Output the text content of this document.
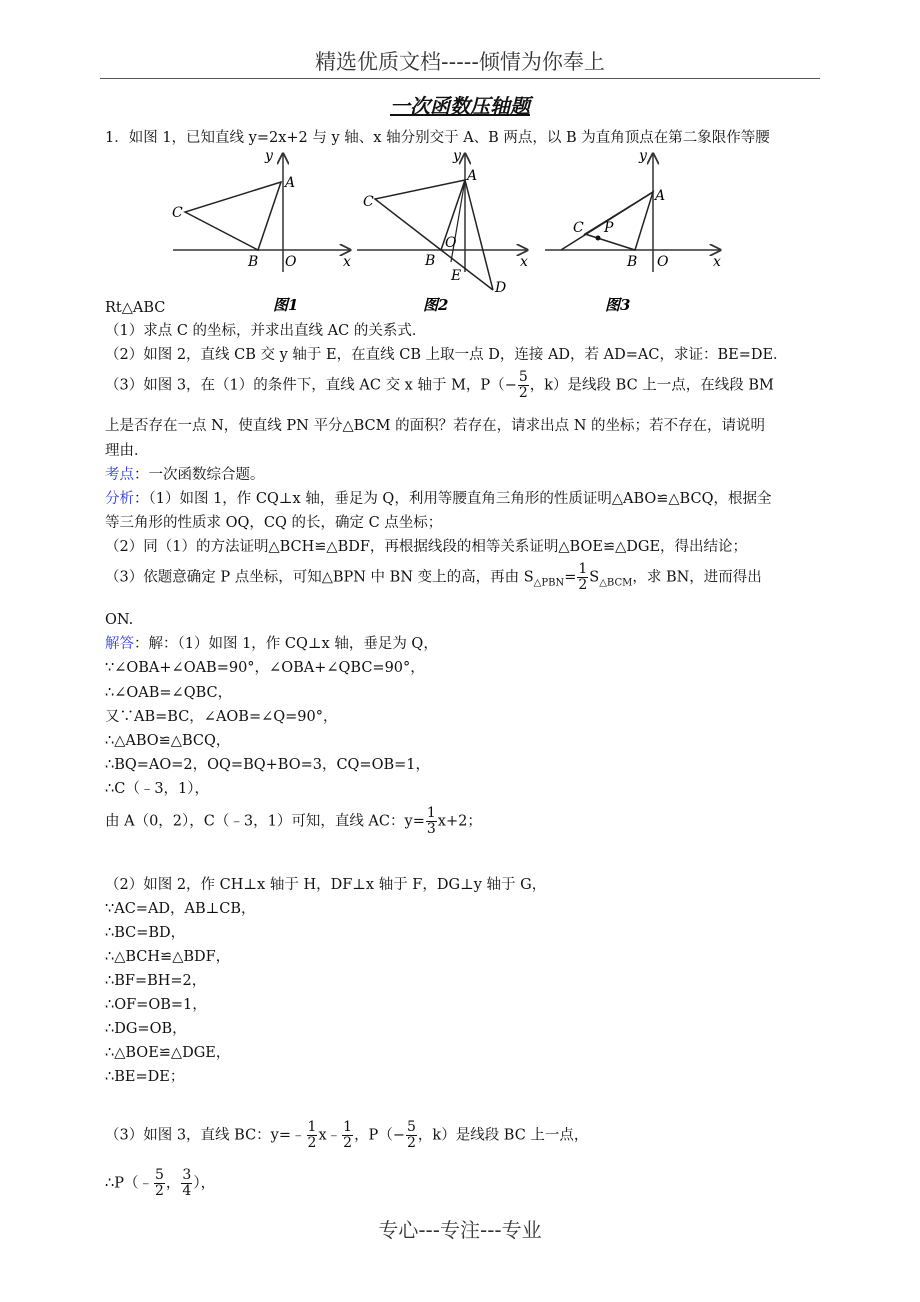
精选优质文档-----倾情为你奉上
一次函数压轴题
1．如图 1，已知直线 y=2x+2 与 y 轴、x 轴分别交于 A、B 两点，以 B 为直角顶点在第二象限作等腰
x
y
C
A
B O
图1
x
y
C
A
B
O
E
D
图2
x
y
C P
A
B O
图3
Rt△ABC
（1）求点 C 的坐标，并求出直线 AC 的关系式．
（2）如图 2，直线 CB 交 y 轴于 E，在直线 CB 上取一点 D，连接 AD，若 AD=AC，求证：BE=DE．
（3）如图 3，在（1）的条件下，直线 AC 交 x 轴于 M，$P(- \frac{5}{2}$ ，k）是线段 BC 上一点，在线段 BM
上是否存在一点 N，使直线 PN 平分△BCM 的面积？若存在，请求出点 N 的坐标；若不存在，请说明
理由．
考点：一次函数综合题。
分析：（1）如图 1，作 CQ⊥x 轴，垂足为 Q，利用等腰直角三角形的性质证明△ABO≌△BCQ，根据全
等三角形的性质求 OQ，CQ 的长，确定 C 点坐标；
（2）同（1）的方法证明△BCH≌△BDF，再根据线段的相等关系证明△BOE≌△DGE，得出结论；
（3）依题意确定 P 点坐标，可知△BPN 中 BN 变上的高，再由 $S_{\triangle PBN}= \frac{1}{2} S_{\triangle BCM}$，求 BN，进而得出
ON.
解答：解：（1）如图 1，作 CQ⊥x 轴，垂足为 Q，
∵∠OBA+∠OAB=90°，∠OBA+∠QBC=90°，
∴∠OAB=∠QBC，
又∵AB=BC，∠AOB=∠Q=90°，
∴△ABO≌△BCQ，
∴BQ=AO=2，OQ=BQ+BO=3，CQ=OB=1，
∴C（﹣3，1），
由 A（0，2），C（﹣3，1）可知，直线 AC：$y= \frac{1}{3} x+2$；
（2）如图 2，作 CH⊥x 轴于 H，DF⊥x 轴于 F，DG⊥y 轴于 G，
∵AC=AD，AB⊥CB，
∴BC=BD，
∴△BCH≌△BDF，
∴BF=BH=2，
∴OF=OB=1，
∴DG=OB，
∴△BOE≌△DGE，
∴BE=DE；
（3）如图 3，直线 BC：y=﹣ $\frac{1}{2}$ x﹣ $\frac{1}{2}$ ，$P(- \frac{5}{2}$ ，k）是线段 BC 上一点，
∴P（﹣ $\frac{5}{2}$ ， $\frac{3}{4}$ ），
专心---专注---专业
